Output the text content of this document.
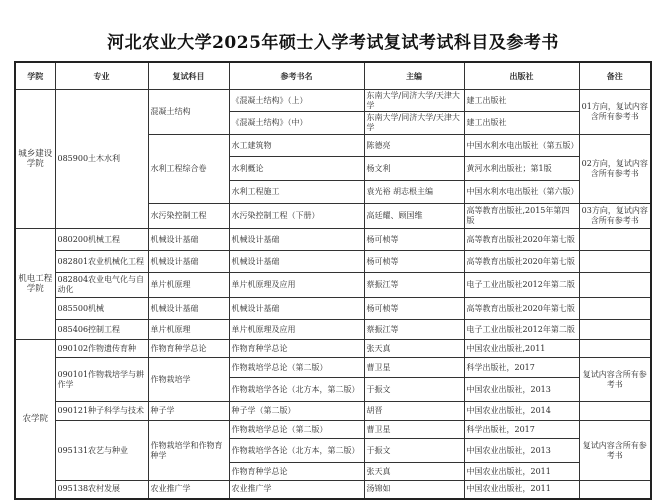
河北农业大学2025年硕士入学考试复试考试科目及参考书
学院	专业	复试科目	参考书名	主编	出版社	备注
城乡建设学院	085900土木水利	混凝土结构	《混凝土结构》（上）	东南大学/同济大学/天津大学	建工出版社	01方向，复试内容含所有参考书
			《混凝土结构》（中）	东南大学/同济大学/天津大学	建工出版社	
		水利工程综合卷	水工建筑物	陈德亮	中国水利水电出版社（第五版）	02方向，复试内容含所有参考书
			水利概论	杨文利	黄河水利出版社；第1版	
			水利工程施工	袁光裕 胡志根主编	中国水利水电出版社（第六版）	
		水污染控制工程	水污染控制工程（下册）	高廷耀、顾国维	高等教育出版社,2015年第四版	03方向，复试内容含所有参考书
机电工程学院	080200机械工程	机械设计基础	机械设计基础	杨可桢等	高等教育出版社2020年第七版	
	082801农业机械化工程	机械设计基础	机械设计基础	杨可桢等	高等教育出版社2020年第七版	
	082804农业电气化与自动化	单片机原理	单片机原理及应用	蔡振江等	电子工业出版社2012年第二版	
	085500机械	机械设计基础	机械设计基础	杨可桢等	高等教育出版社2020年第七版	
	085406控制工程	单片机原理	单片机原理及应用	蔡振江等	电子工业出版社2012年第二版	
农学院	090102作物遗传育种	作物育种学总论	作物育种学总论	张天真	中国农业出版社,2011	
	090101作物栽培学与耕作学	作物栽培学	作物栽培学总论（第二版）	曹卫星	科学出版社，2017	复试内容含所有参考书
			作物栽培学各论（北方本，第二版）	于振文	中国农业出版社，2013	
	090121种子科学与技术	种子学	种子学（第二版）	胡晋	中国农业出版社，2014	
	095131农艺与种业	作物栽培学和作物育种学	作物栽培学总论（第二版）	曹卫星	科学出版社，2017	复试内容含所有参考书
			作物栽培学各论（北方本，第二版）	于振文	中国农业出版社，2013	
			作物育种学总论	张天真	中国农业出版社，2011	
	095138农村发展	农业推广学	农业推广学	汤锦如	中国农业出版社，2011	
